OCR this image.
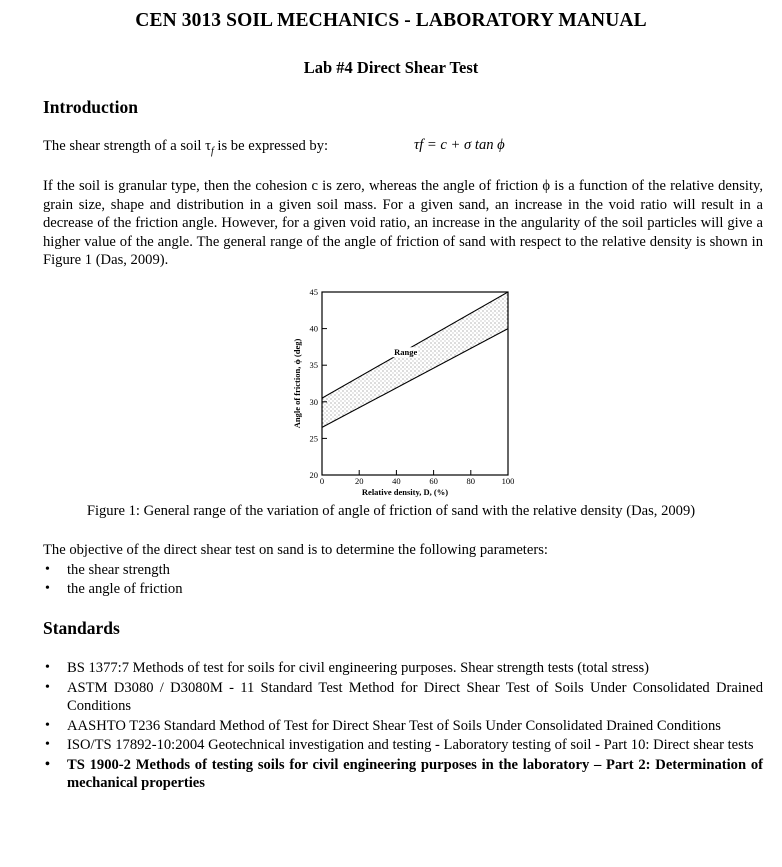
CEN 3013 SOIL MECHANICS - LABORATORY MANUAL
Lab #4 Direct Shear Test
Introduction
The shear strength of a soil $\tau_f$ is be expressed by:	τf = c + σ tan ϕ
If the soil is granular type, then the cohesion c is zero, whereas the angle of friction ϕ is a function of the relative density, grain size, shape and distribution in a given soil mass. For a given sand, an increase in the void ratio will result in a decrease of the friction angle. However, for a given void ratio, an increase in the angularity of the soil particles will give a higher value of the angle. The general range of the angle of friction of sand with respect to the relative density is shown in Figure 1 (Das, 2009).
0	20	40	60	80	100
20
25
30
35
40
45
Relative density, D, (%)
Angle of friction, ϕ (deg)	Range
Figure 1: General range of the variation of angle of friction of sand with the relative density (Das, 2009)
The objective of the direct shear test on sand is to determine the following parameters:
• the shear strength
• the angle of friction
Standards
• BS 1377:7 Methods of test for soils for civil engineering purposes. Shear strength tests (total stress)
• ASTM D3080 / D3080M - 11 Standard Test Method for Direct Shear Test of Soils Under Consolidated Drained Conditions
• AASHTO T236 Standard Method of Test for Direct Shear Test of Soils Under Consolidated Drained Conditions
• ISO/TS 17892-10:2004 Geotechnical investigation and testing - Laboratory testing of soil - Part 10: Direct shear tests
• TS 1900-2 Methods of testing soils for civil engineering purposes in the laboratory – Part 2: Determination of mechanical properties
